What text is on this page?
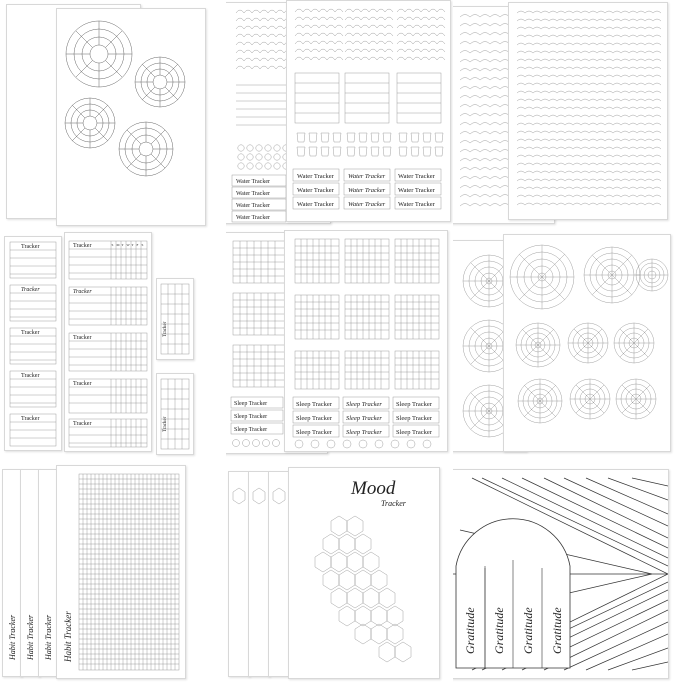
Water Tracker
Water Tracker
Water Tracker
Water Tracker
Water Tracker
Water Tracker
Water Tracker
Water Tracker
Water Tracker
Water Tracker
Water Tracker
Water Tracker
Water Tracker
Tracker
Tracker
Tracker
Tracker
Tracker
Tracker
Tracker
Tracker
Tracker
Tracker
S M T W T F S
Tracker
Tracker
Sleep Tracker
Sleep Tracker
Sleep Tracker
Sleep Tracker
Sleep Tracker
Sleep Tracker
Sleep Tracker
Sleep Tracker
Sleep Tracker
Sleep Tracker
Sleep Tracker
Sleep Tracker
Habit Tracker Habit Tracker Habit Tracker Habit Tracker
Mood
Tracker
Gratitude Gratitude Gratitude Gratitude
